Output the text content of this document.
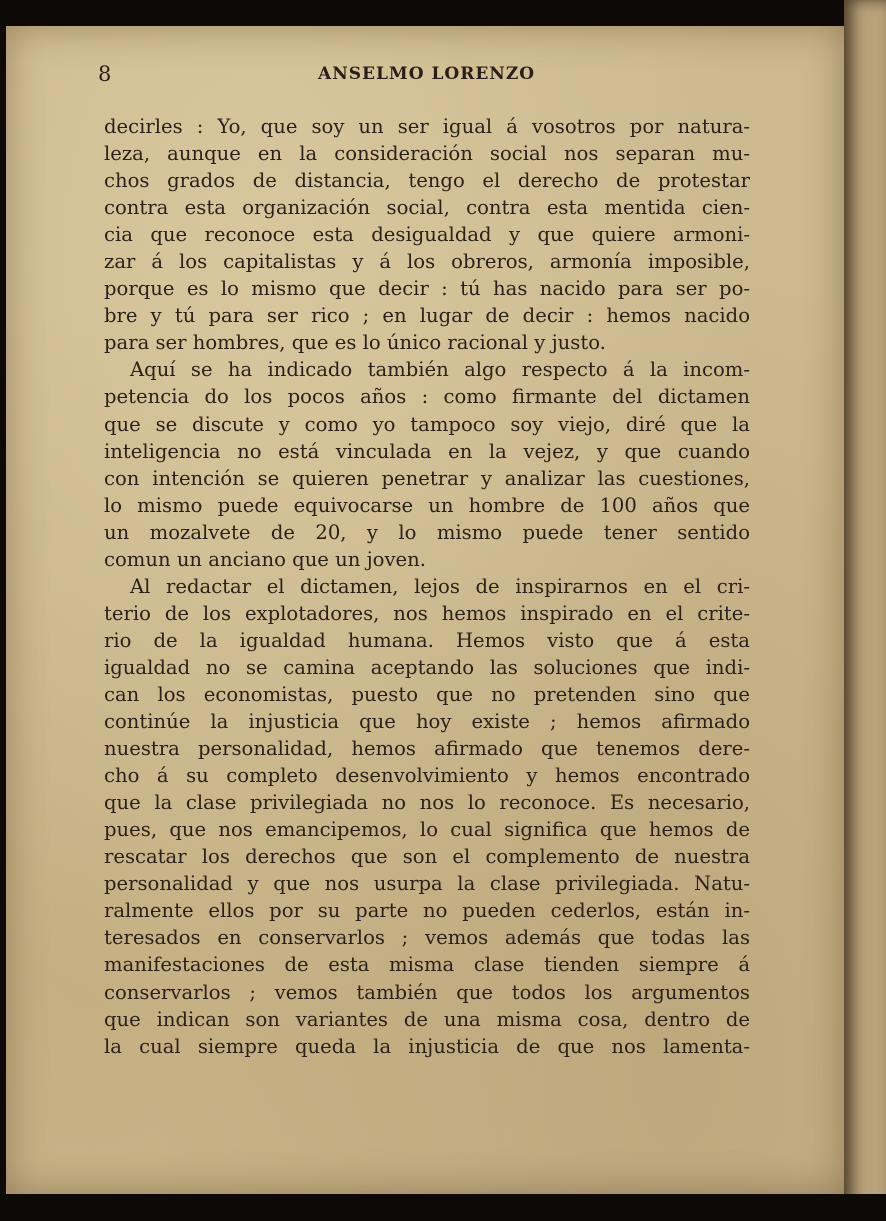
8	ANSELMO LORENZO
decirles : Yo, que soy un ser igual á vosotros por natura-
leza, aunque en la consideración social nos separan mu-
chos grados de distancia, tengo el derecho de protestar
contra esta organización social, contra esta mentida cien-
cia que reconoce esta desigualdad y que quiere armoni-
zar á los capitalistas y á los obreros, armonía imposible,
porque es lo mismo que decir : tú has nacido para ser po-
bre y tú para ser rico ; en lugar de decir : hemos nacido
para ser hombres, que es lo único racional y justo.
Aquí se ha indicado también algo respecto á la incom-
petencia do los pocos años : como firmante del dictamen
que se discute y como yo tampoco soy viejo, diré que la
inteligencia no está vinculada en la vejez, y que cuando
con intención se quieren penetrar y analizar las cuestiones,
lo mismo puede equivocarse un hombre de 100 años que
un mozalvete de 20, y lo mismo puede tener sentido
comun un anciano que un joven.
Al redactar el dictamen, lejos de inspirarnos en el cri-
terio de los explotadores, nos hemos inspirado en el crite-
rio de la igualdad humana. Hemos visto que á esta
igualdad no se camina aceptando las soluciones que indi-
can los economistas, puesto que no pretenden sino que
continúe la injusticia que hoy existe ; hemos afirmado
nuestra personalidad, hemos afirmado que tenemos dere-
cho á su completo desenvolvimiento y hemos encontrado
que la clase privilegiada no nos lo reconoce. Es necesario,
pues, que nos emancipemos, lo cual significa que hemos de
rescatar los derechos que son el complemento de nuestra
personalidad y que nos usurpa la clase privilegiada. Natu-
ralmente ellos por su parte no pueden cederlos, están in-
teresados en conservarlos ; vemos además que todas las
manifestaciones de esta misma clase tienden siempre á
conservarlos ; vemos también que todos los argumentos
que indican son variantes de una misma cosa, dentro de
la cual siempre queda la injusticia de que nos lamenta-
